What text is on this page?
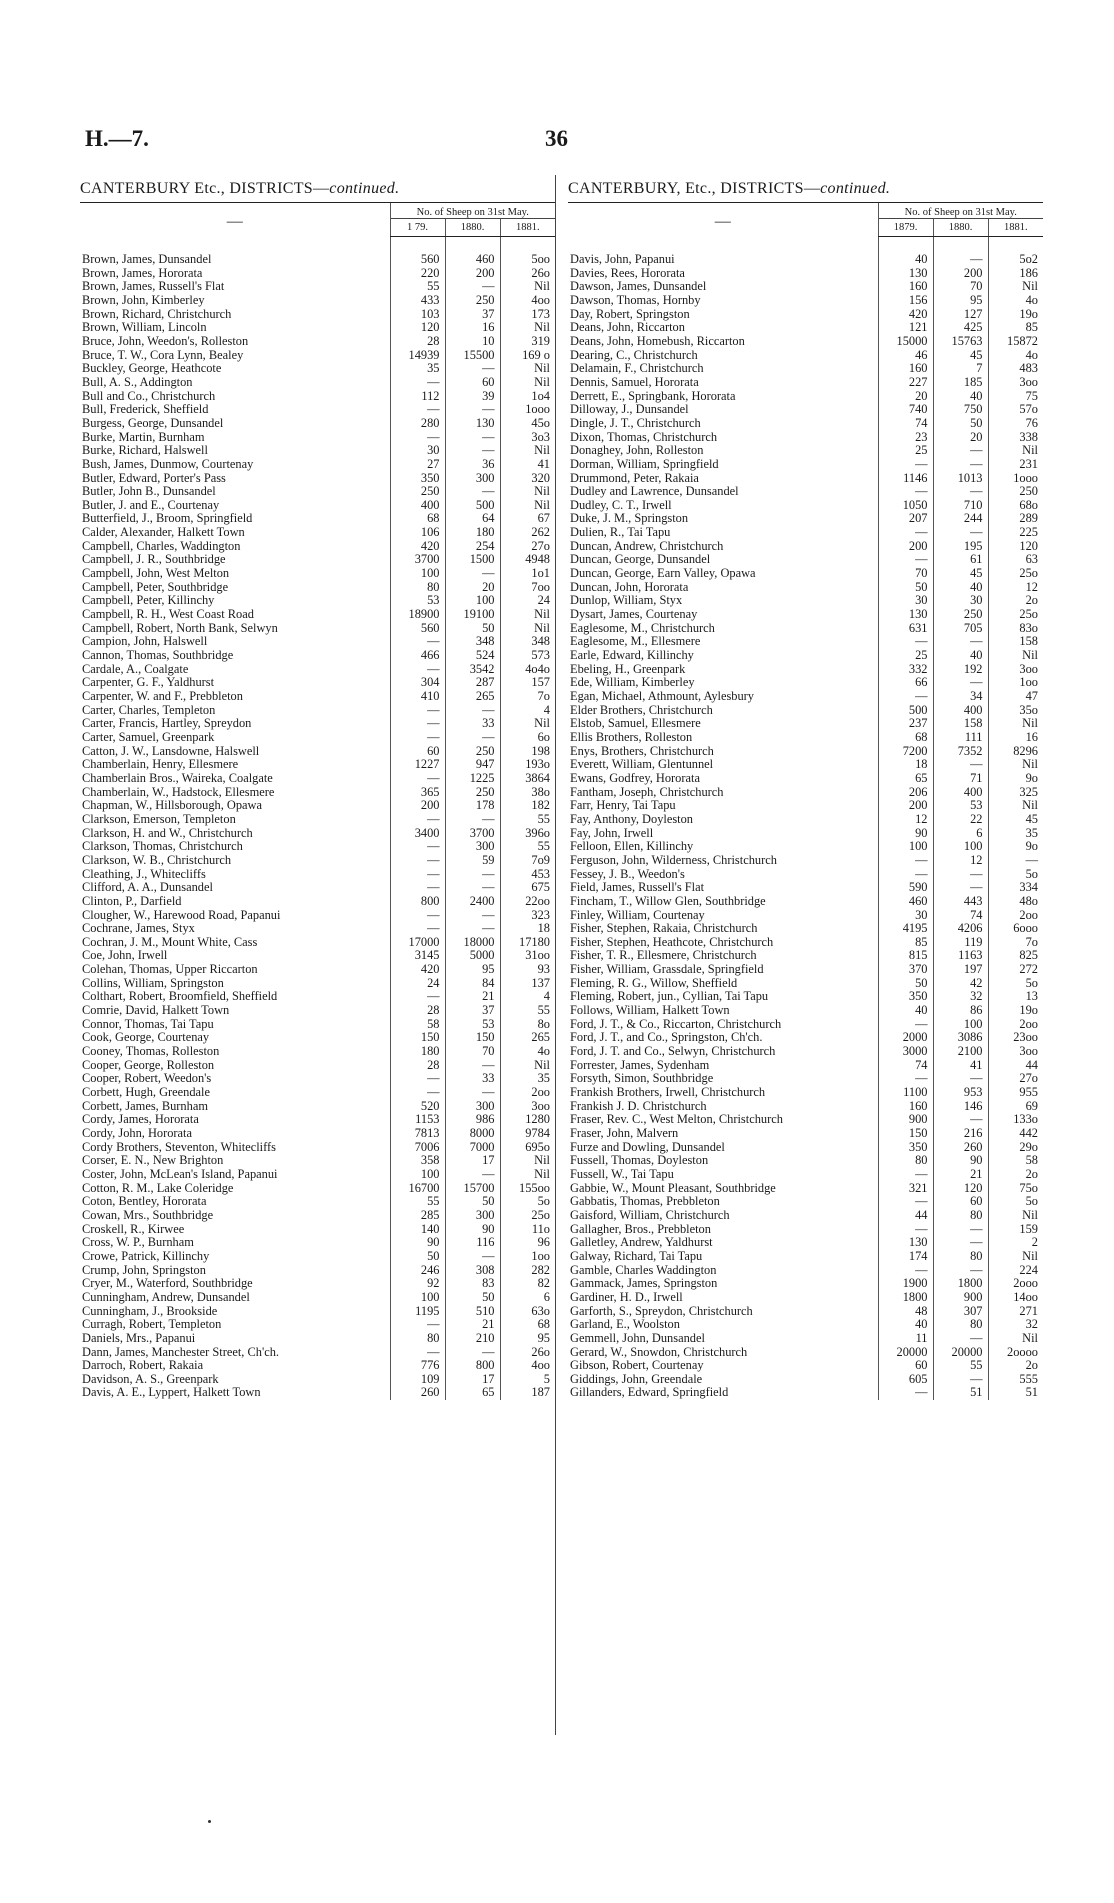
H.—7.	36
CANTERBURY Etc., DISTRICTS—continued.
—	No. of Sheep on 31st May.		
	1 79.	1880.	1881.

Brown, James, Dunsandel	560	460	5oo
Brown, James, Hororata	220	200	26o
Brown, James, Russell's Flat	55	—	Nil
Brown, John, Kimberley	433	250	4oo
Brown, Richard, Christchurch	103	37	173
Brown, William, Lincoln	120	16	Nil
Bruce, John, Weedon's, Rolleston	28	10	319
Bruce, T. W., Cora Lynn, Bealey	14939	15500	169 o
Buckley, George, Heathcote	35	—	Nil
Bull, A. S., Addington	—	60	Nil
Bull and Co., Christchurch	112	39	1o4
Bull, Frederick, Sheffield	—	—	1ooo
Burgess, George, Dunsandel	280	130	45o
Burke, Martin, Burnham	—	—	3o3
Burke, Richard, Halswell	30	—	Nil
Bush, James, Dunmow, Courtenay	27	36	41
Butler, Edward, Porter's Pass	350	300	320
Butler, John B., Dunsandel	250	—	Nil
Butler, J. and E., Courtenay	400	500	Nil
Butterfield, J., Broom, Springfield	68	64	67
Calder, Alexander, Halkett Town	106	180	262
Campbell, Charles, Waddington	420	254	27o
Campbell, J. R., Southbridge	3700	1500	4948
Campbell, John, West Melton	100	—	1o1
Campbell, Peter, Southbridge	80	20	7oo
Campbell, Peter, Killinchy	53	100	24
Campbell, R. H., West Coast Road	18900	19100	Nil
Campbell, Robert, North Bank, Selwyn	560	50	Nil
Campion, John, Halswell	—	348	348
Cannon, Thomas, Southbridge	466	524	573
Cardale, A., Coalgate	—	3542	4o4o
Carpenter, G. F., Yaldhurst	304	287	157
Carpenter, W. and F., Prebbleton	410	265	7o
Carter, Charles, Templeton	—	—	4
Carter, Francis, Hartley, Spreydon	—	33	Nil
Carter, Samuel, Greenpark	—	—	6o
Catton, J. W., Lansdowne, Halswell	60	250	198
Chamberlain, Henry, Ellesmere	1227	947	193o
Chamberlain Bros., Waireka, Coalgate	—	1225	3864
Chamberlain, W., Hadstock, Ellesmere	365	250	38o
Chapman, W., Hillsborough, Opawa	200	178	182
Clarkson, Emerson, Templeton	—	—	55
Clarkson, H. and W., Christchurch	3400	3700	396o
Clarkson, Thomas, Christchurch	—	300	55
Clarkson, W. B., Christchurch	—	59	7o9
Cleathing, J., Whitecliffs	—	—	453
Clifford, A. A., Dunsandel	—	—	675
Clinton, P., Darfield	800	2400	22oo
Clougher, W., Harewood Road, Papanui	—	—	323
Cochrane, James, Styx	—	—	18
Cochran, J. M., Mount White, Cass	17000	18000	17180
Coe, John, Irwell	3145	5000	31oo
Colehan, Thomas, Upper Riccarton	420	95	93
Collins, William, Springston	24	84	137
Colthart, Robert, Broomfield, Sheffield	—	21	4
Comrie, David, Halkett Town	28	37	55
Connor, Thomas, Tai Tapu	58	53	8o
Cook, George, Courtenay	150	150	265
Cooney, Thomas, Rolleston	180	70	4o
Cooper, George, Rolleston	28	—	Nil
Cooper, Robert, Weedon's	—	33	35
Corbett, Hugh, Greendale	—	—	2oo
Corbett, James, Burnham	520	300	3oo
Cordy, James, Hororata	1153	986	1280
Cordy, John, Hororata	7813	8000	9784
Cordy Brothers, Steventon, Whitecliffs	7006	7000	695o
Corser, E. N., New Brighton	358	17	Nil
Coster, John, McLean's Island, Papanui	100	—	Nil
Cotton, R. M., Lake Coleridge	16700	15700	155oo
Coton, Bentley, Hororata	55	50	5o
Cowan, Mrs., Southbridge	285	300	25o
Croskell, R., Kirwee	140	90	11o
Cross, W. P., Burnham	90	116	96
Crowe, Patrick, Killinchy	50	—	1oo
Crump, John, Springston	246	308	282
Cryer, M., Waterford, Southbridge	92	83	82
Cunningham, Andrew, Dunsandel	100	50	6
Cunningham, J., Brookside	1195	510	63o
Curragh, Robert, Templeton	—	21	68
Daniels, Mrs., Papanui	80	210	95
Dann, James, Manchester Street, Ch'ch.	—	—	26o
Darroch, Robert, Rakaia	776	800	4oo
Davidson, A. S., Greenpark	109	17	5
Davis, A. E., Lyppert, Halkett Town	260	65	187
CANTERBURY, Etc., DISTRICTS—continued.
—	No. of Sheep on 31st May.		
	1879.	1880.	1881.

Davis, John, Papanui	40	—	5o2
Davies, Rees, Hororata	130	200	186
Dawson, James, Dunsandel	160	70	Nil
Dawson, Thomas, Hornby	156	95	4o
Day, Robert, Springston	420	127	19o
Deans, John, Riccarton	121	425	85
Deans, John, Homebush, Riccarton	15000	15763	15872
Dearing, C., Christchurch	46	45	4o
Delamain, F., Christchurch	160	7	483
Dennis, Samuel, Hororata	227	185	3oo
Derrett, E., Springbank, Hororata	20	40	75
Dilloway, J., Dunsandel	740	750	57o
Dingle, J. T., Christchurch	74	50	76
Dixon, Thomas, Christchurch	23	20	338
Donaghey, John, Rolleston	25	—	Nil
Dorman, William, Springfield	—	—	231
Drummond, Peter, Rakaia	1146	1013	1ooo
Dudley and Lawrence, Dunsandel	—	—	250
Dudley, C. T., Irwell	1050	710	68o
Duke, J. M., Springston	207	244	289
Dulien, R., Tai Tapu	—	—	225
Duncan, Andrew, Christchurch	200	195	120
Duncan, George, Dunsandel	—	61	63
Duncan, George, Earn Valley, Opawa	70	45	25o
Duncan, John, Hororata	50	40	12
Dunlop, William, Styx	30	30	2o
Dysart, James, Courtenay	130	250	25o
Eaglesome, M., Christchurch	631	705	83o
Eaglesome, M., Ellesmere	—	—	158
Earle, Edward, Killinchy	25	40	Nil
Ebeling, H., Greenpark	332	192	3oo
Ede, William, Kimberley	66	—	1oo
Egan, Michael, Athmount, Aylesbury	—	34	47
Elder Brothers, Christchurch	500	400	35o
Elstob, Samuel, Ellesmere	237	158	Nil
Ellis Brothers, Rolleston	68	111	16
Enys, Brothers, Christchurch	7200	7352	8296
Everett, William, Glentunnel	18	—	Nil
Ewans, Godfrey, Hororata	65	71	9o
Fantham, Joseph, Christchurch	206	400	325
Farr, Henry, Tai Tapu	200	53	Nil
Fay, Anthony, Doyleston	12	22	45
Fay, John, Irwell	90	6	35
Felloon, Ellen, Killinchy	100	100	9o
Ferguson, John, Wilderness, Christchurch	—	12	—
Fessey, J. B., Weedon's	—	—	5o
Field, James, Russell's Flat	590	—	334
Fincham, T., Willow Glen, Southbridge	460	443	48o
Finley, William, Courtenay	30	74	2oo
Fisher, Stephen, Rakaia, Christchurch	4195	4206	6ooo
Fisher, Stephen, Heathcote, Christchurch	85	119	7o
Fisher, T. R., Ellesmere, Christchurch	815	1163	825
Fisher, William, Grassdale, Springfield	370	197	272
Fleming, R. G., Willow, Sheffield	50	42	5o
Fleming, Robert, jun., Cyllian, Tai Tapu	350	32	13
Follows, William, Halkett Town	40	86	19o
Ford, J. T., & Co., Riccarton, Christchurch	—	100	2oo
Ford, J. T., and Co., Springston, Ch'ch.	2000	3086	23oo
Ford, J. T. and Co., Selwyn, Christchurch	3000	2100	3oo
Forrester, James, Sydenham	74	41	44
Forsyth, Simon, Southbridge	—	—	27o
Frankish Brothers, Irwell, Christchurch	1100	953	955
Frankish J. D. Christchurch	160	146	69
Fraser, Rev. C., West Melton, Christchurch	900	—	133o
Fraser, John, Malvern	150	216	442
Furze and Dowling, Dunsandel	350	260	29o
Fussell, Thomas, Doyleston	80	90	58
Fussell, W., Tai Tapu	—	21	2o
Gabbie, W., Mount Pleasant, Southbridge	321	120	75o
Gabbatis, Thomas, Prebbleton	—	60	5o
Gaisford, William, Christchurch	44	80	Nil
Gallagher, Bros., Prebbleton	—	—	159
Galletley, Andrew, Yaldhurst	130	—	2
Galway, Richard, Tai Tapu	174	80	Nil
Gamble, Charles Waddington	—	—	224
Gammack, James, Springston	1900	1800	2ooo
Gardiner, H. D., Irwell	1800	900	14oo
Garforth, S., Spreydon, Christchurch	48	307	271
Garland, E., Woolston	40	80	32
Gemmell, John, Dunsandel	11	—	Nil
Gerard, W., Snowdon, Christchurch	20000	20000	2oooo
Gibson, Robert, Courtenay	60	55	2o
Giddings, John, Greendale	605	—	555
Gillanders, Edward, Springfield	—	51	51
